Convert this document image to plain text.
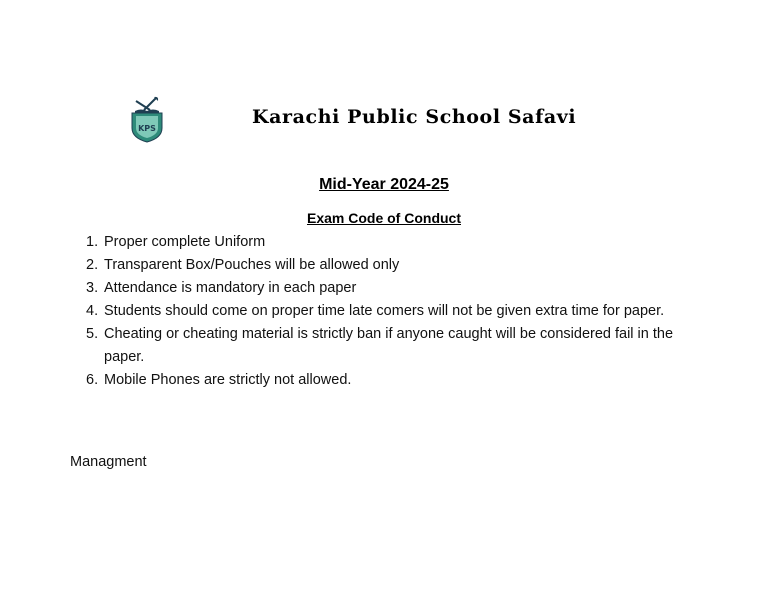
KPS
Karachi Public School Safavi
Mid-Year 2024-25
Exam Code of Conduct
1. Proper complete Uniform
2. Transparent Box/Pouches will be allowed only
3. Attendance is mandatory in each paper
4. Students should come on proper time late comers will not be given extra time for paper.
5. Cheating or cheating material is strictly ban if anyone caught will be considered fail in the paper.
6. Mobile Phones are strictly not allowed.
Managment
